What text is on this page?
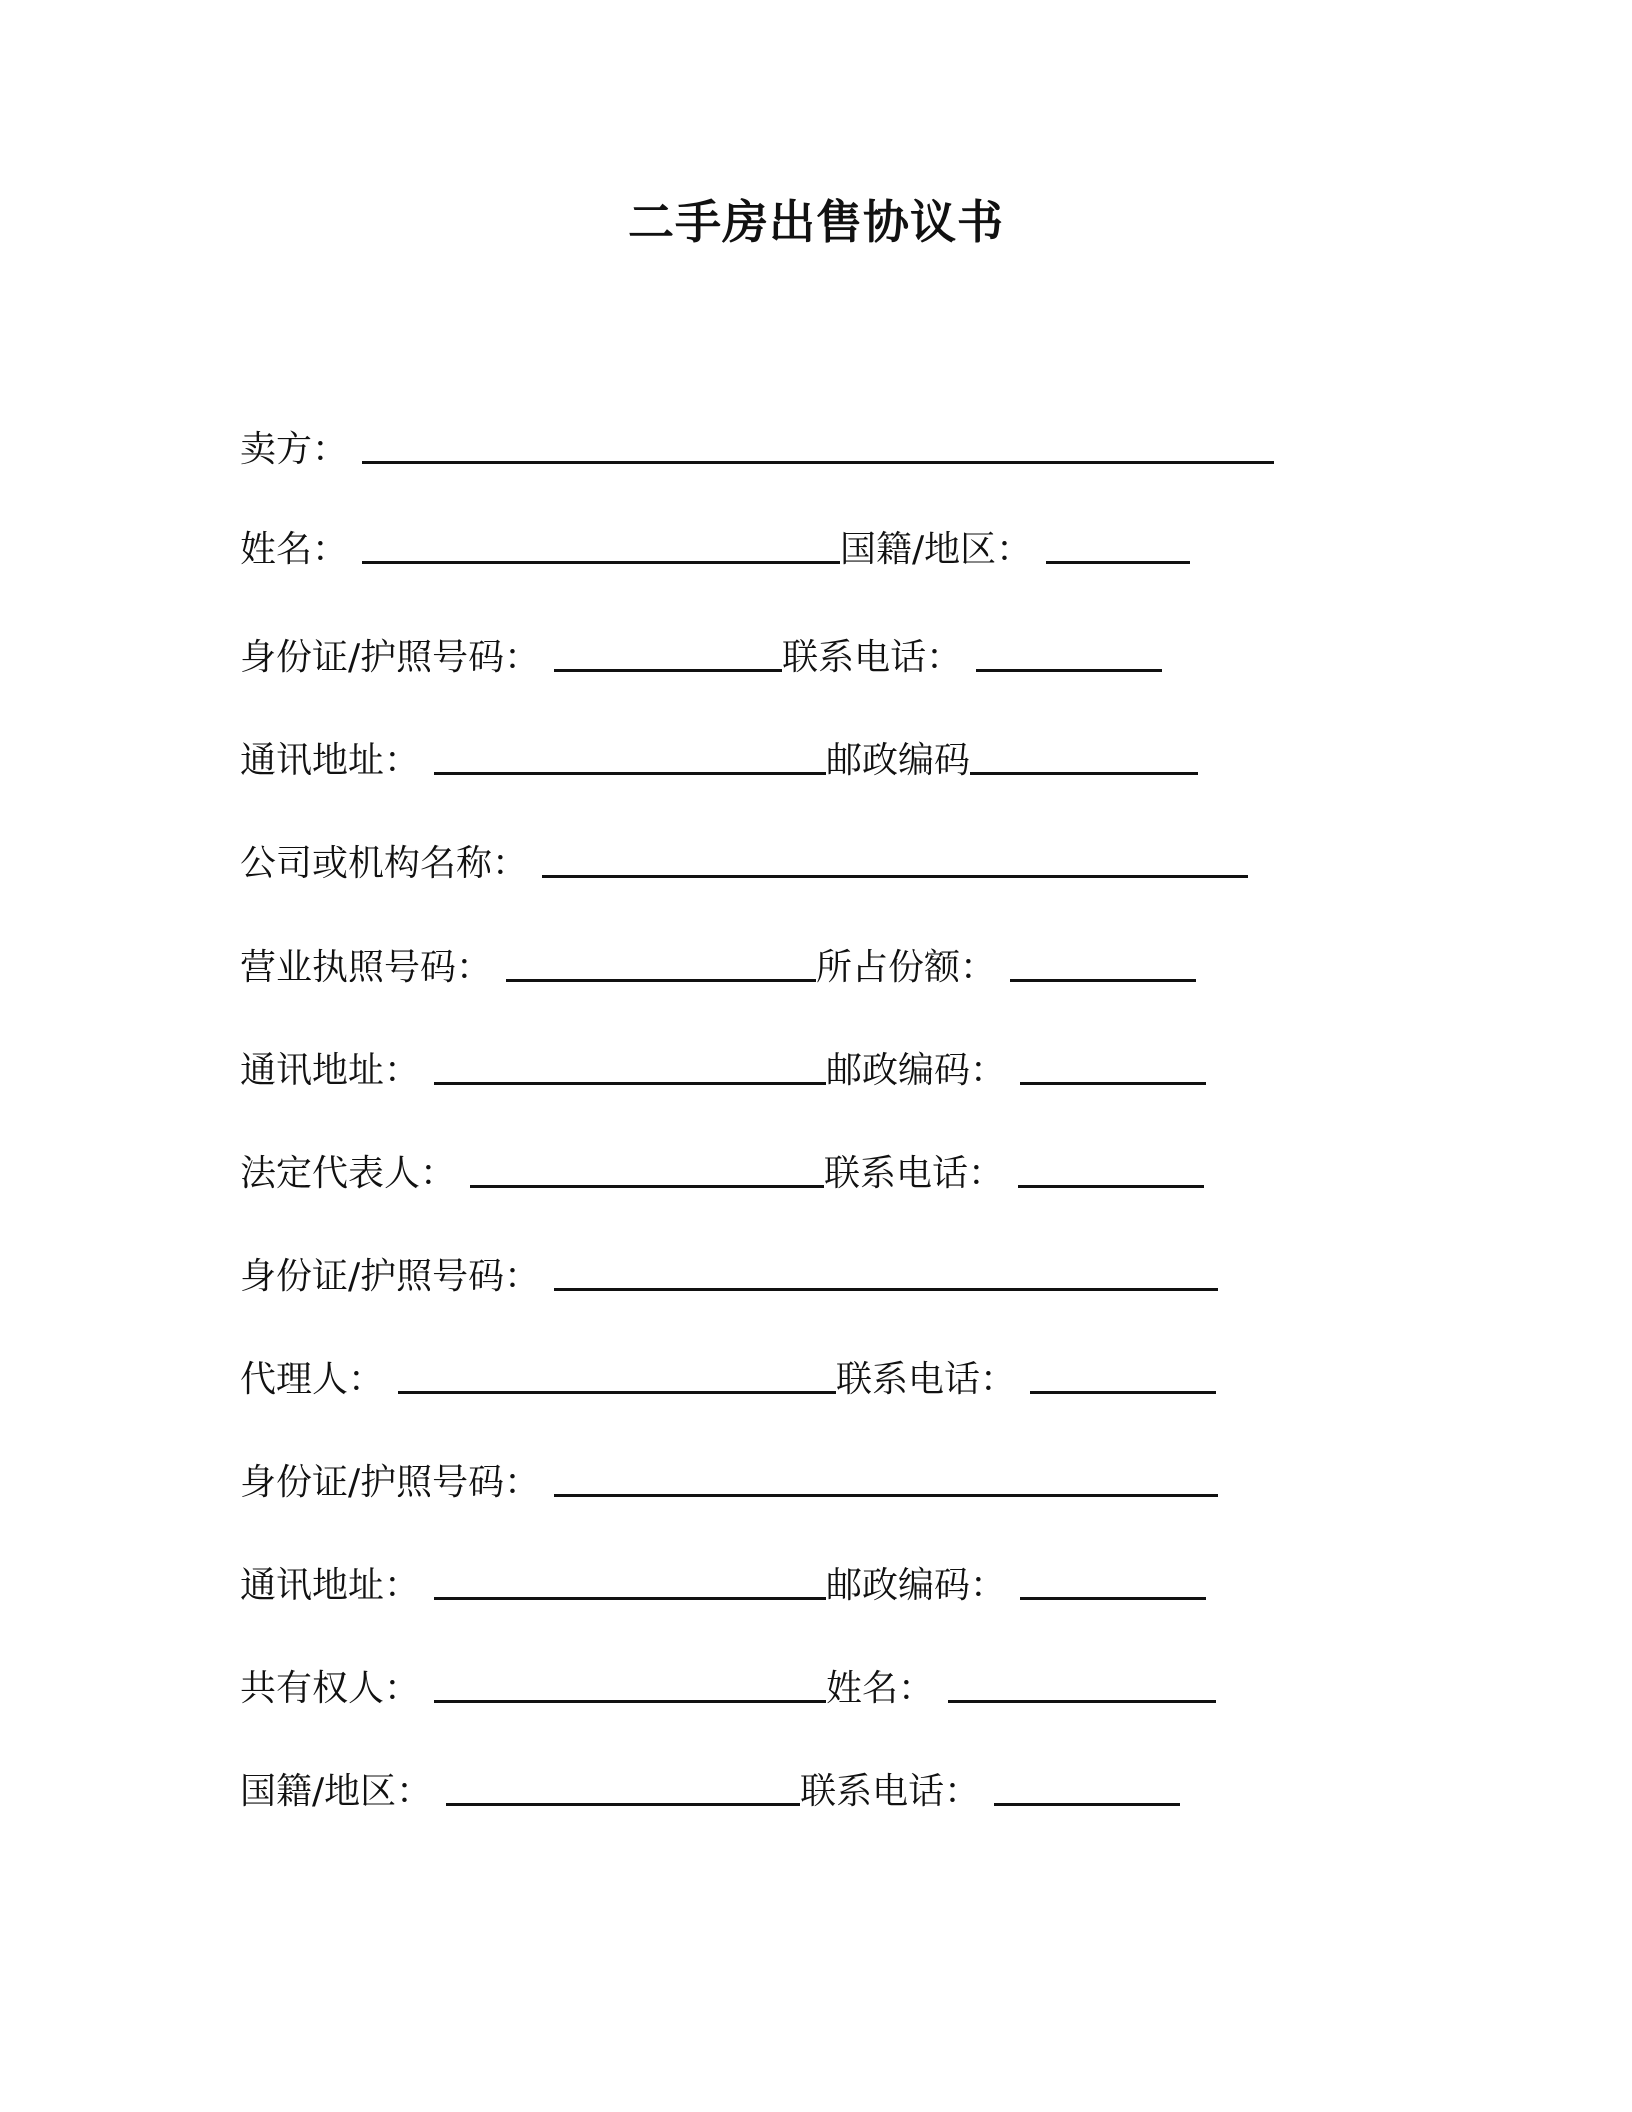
二手房出售协议书
卖方：
姓名：	国籍/地区：
身份证/护照号码：	联系电话：
通讯地址：	邮政编码
公司或机构名称：
营业执照号码：	所占份额：
通讯地址：	邮政编码：
法定代表人：	联系电话：
身份证/护照号码：
代理人：	联系电话：
身份证/护照号码：
通讯地址：	邮政编码：
共有权人：	姓名：
国籍/地区：	联系电话：
